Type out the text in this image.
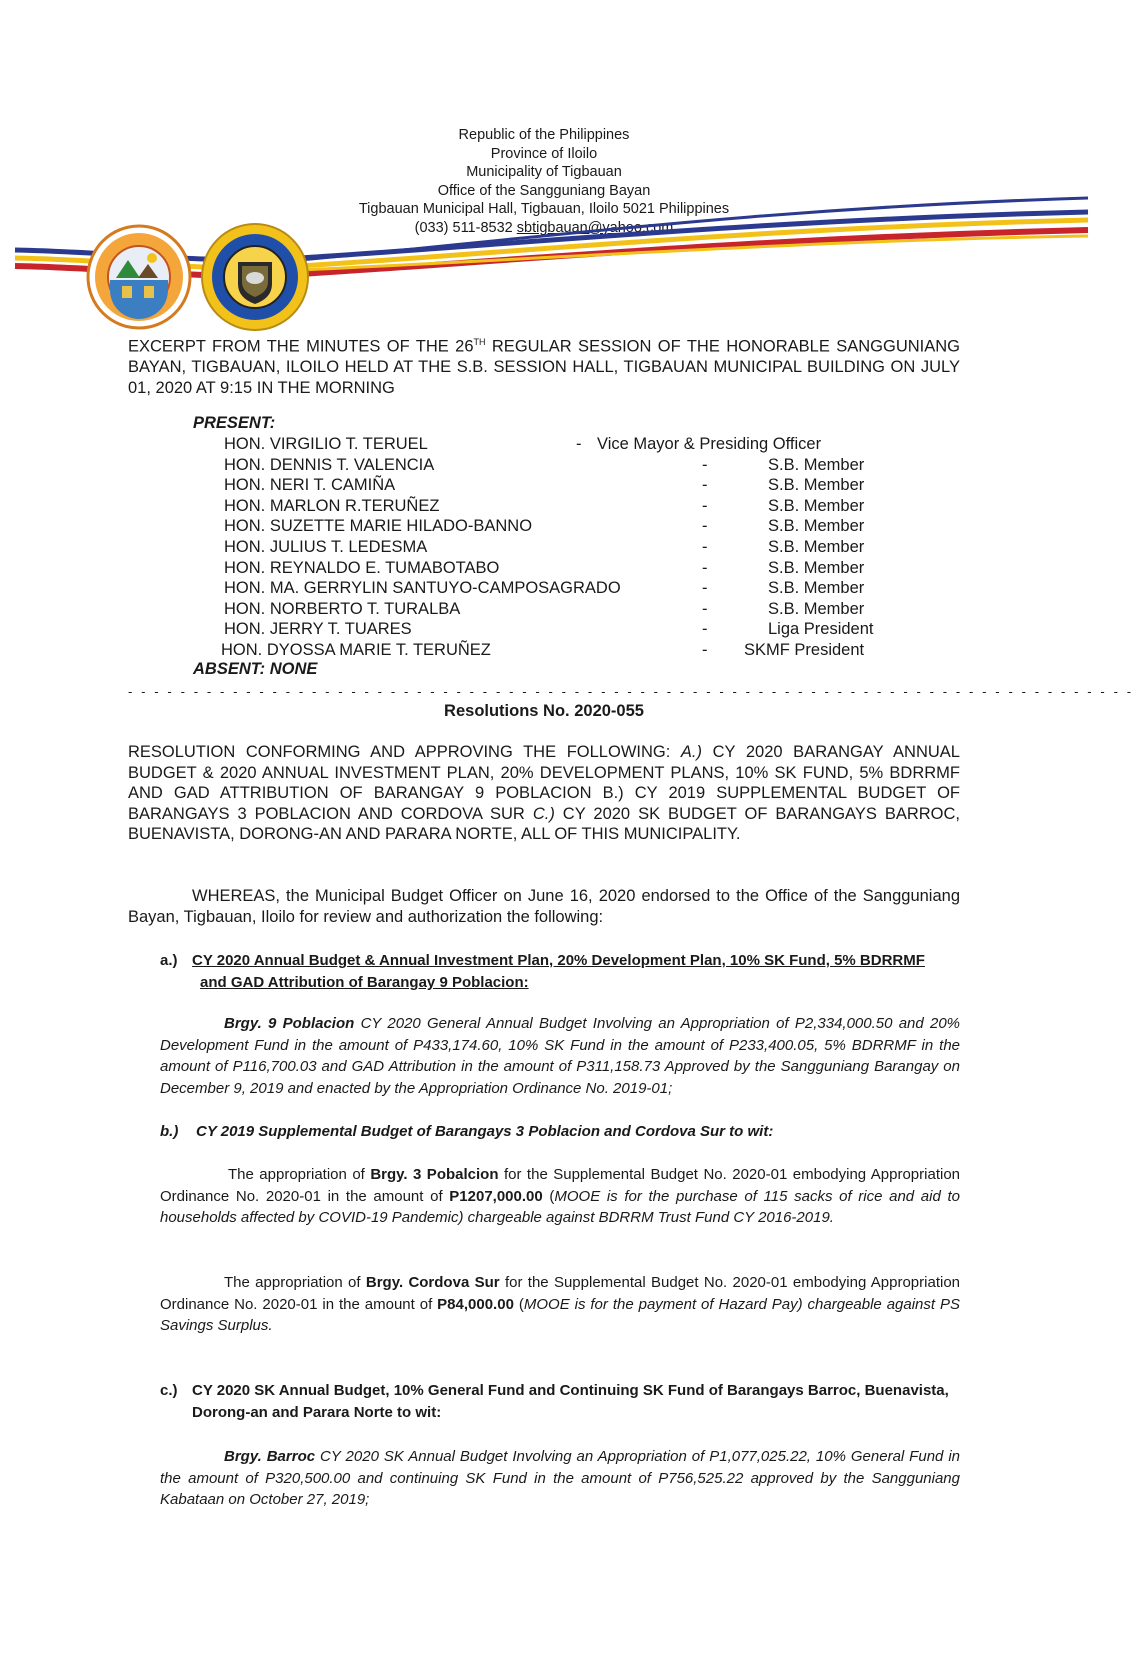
Republic of the Philippines
Province of Iloilo
Municipality of Tigbauan
Office of the Sangguniang Bayan
Tigbauan Municipal Hall, Tigbauan, Iloilo 5021 Philippines
(033) 511-8532 sbtigbauan@yahoo.com
EXCERPT FROM THE MINUTES OF THE 26TH REGULAR SESSION OF THE HONORABLE SANGGUNIANG BAYAN, TIGBAUAN, ILOILO HELD AT THE S.B. SESSION HALL, TIGBAUAN MUNICIPAL BUILDING ON JULY 01, 2020 AT 9:15 IN THE MORNING
PRESENT:
HON. VIRGILIO T. TERUEL	- Vice Mayor & Presiding Officer
HON. DENNIS T. VALENCIA	-	S.B. Member
HON. NERI T. CAMIÑA	-	S.B. Member
HON. MARLON R.TERUÑEZ	-	S.B. Member
HON. SUZETTE MARIE HILADO-BANNO	-	S.B. Member
HON. JULIUS T. LEDESMA	-	S.B. Member
HON. REYNALDO E. TUMABOTABO	-	S.B. Member
HON. MA. GERRYLIN SANTUYO-CAMPOSAGRADO	-	S.B. Member
HON. NORBERTO T. TURALBA	-	S.B. Member
HON. JERRY T. TUARES	-	Liga President
HON. DYOSSA MARIE T. TERUÑEZ	- SKMF President
ABSENT: NONE
- - - - - - - - - - - - - - - - - - - - - - - - - - - - - - - - - - - - - - - - - - - - - - - - - - - - - - - - - - - - - - - - - - - - - - - - - - - - -
Resolutions No. 2020-055
RESOLUTION CONFORMING AND APPROVING THE FOLLOWING: A.) CY 2020 BARANGAY ANNUAL BUDGET & 2020 ANNUAL INVESTMENT PLAN, 20% DEVELOPMENT PLANS, 10% SK FUND, 5% BDRRMF AND GAD ATTRIBUTION OF BARANGAY 9 POBLACION B.) CY 2019 SUPPLEMENTAL BUDGET OF BARANGAYS 3 POBLACION AND CORDOVA SUR C.) CY 2020 SK BUDGET OF BARANGAYS BARROC, BUENAVISTA, DORONG-AN AND PARARA NORTE, ALL OF THIS MUNICIPALITY.
WHEREAS, the Municipal Budget Officer on June 16, 2020 endorsed to the Office of the Sangguniang Bayan, Tigbauan, Iloilo for review and authorization the following:
a.) CY 2020 Annual Budget & Annual Investment Plan, 20% Development Plan, 10% SK Fund, 5% BDRRMF
and GAD Attribution of Barangay 9 Poblacion:
Brgy. 9 Poblacion CY 2020 General Annual Budget Involving an Appropriation of P2,334,000.50 and 20% Development Fund in the amount of P433,174.60, 10% SK Fund in the amount of P233,400.05, 5% BDRRMF in the amount of P116,700.03 and GAD Attribution in the amount of P311,158.73 Approved by the Sangguniang Barangay on December 9, 2019 and enacted by the Appropriation Ordinance No. 2019-01;
b.) CY 2019 Supplemental Budget of Barangays 3 Poblacion and Cordova Sur to wit:
The appropriation of Brgy. 3 Pobalcion for the Supplemental Budget No. 2020-01 embodying Appropriation Ordinance No. 2020-01 in the amount of P1207,000.00 (MOOE is for the purchase of 115 sacks of rice and aid to households affected by COVID-19 Pandemic) chargeable against BDRRM Trust Fund CY 2016-2019.
The appropriation of Brgy. Cordova Sur for the Supplemental Budget No. 2020-01 embodying Appropriation Ordinance No. 2020-01 in the amount of P84,000.00 (MOOE is for the payment of Hazard Pay) chargeable against PS Savings Surplus.
c.) CY 2020 SK Annual Budget, 10% General Fund and Continuing SK Fund of Barangays Barroc, Buenavista,
Dorong-an and Parara Norte to wit:
Brgy. Barroc CY 2020 SK Annual Budget Involving an Appropriation of P1,077,025.22, 10% General Fund in the amount of P320,500.00 and continuing SK Fund in the amount of P756,525.22 approved by the Sangguniang Kabataan on October 27, 2019;
